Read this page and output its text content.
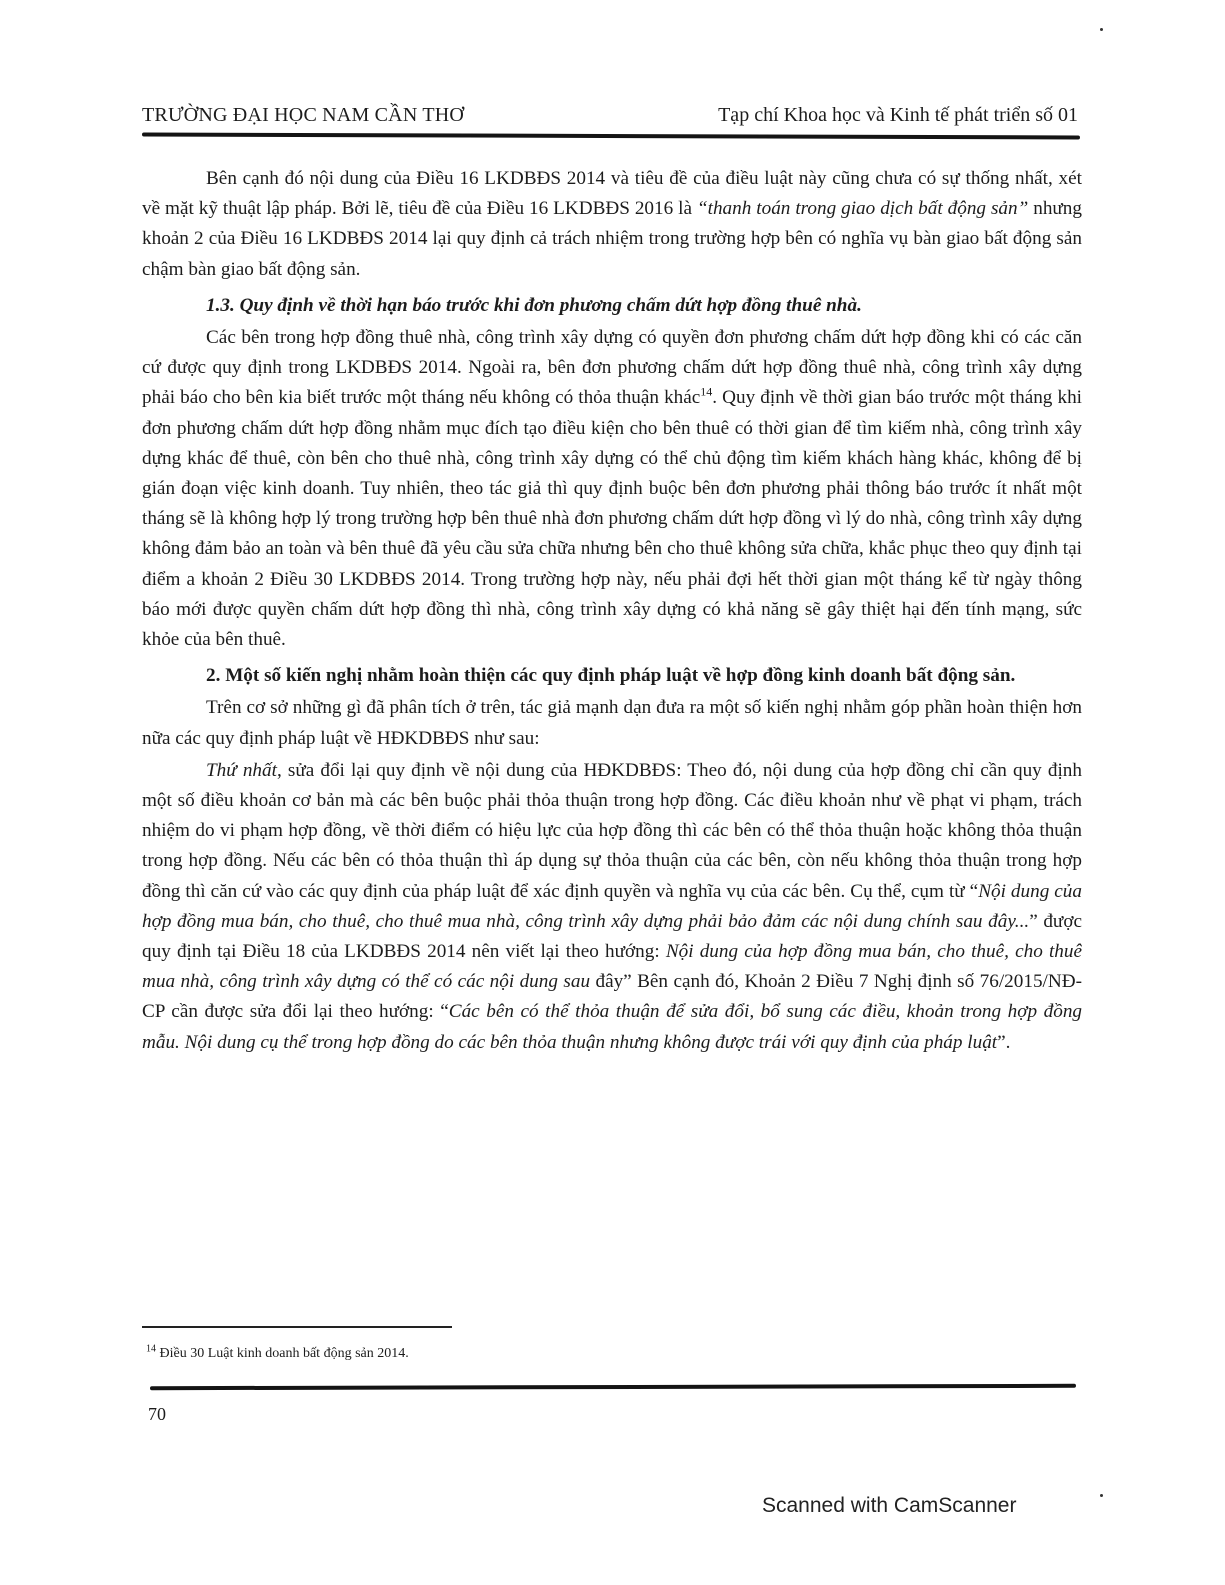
TRƯỜNG ĐẠI HỌC NAM CẦN THƠ	Tạp chí Khoa học và Kinh tế phát triển số 01

Bên cạnh đó nội dung của Điều 16 LKDBĐS 2014 và tiêu đề của điều luật này cũng chưa có sự thống nhất, xét về mặt kỹ thuật lập pháp. Bởi lẽ, tiêu đề của Điều 16 LKDBĐS 2016 là “thanh toán trong giao dịch bất động sản” nhưng khoản 2 của Điều 16 LKDBĐS 2014 lại quy định cả trách nhiệm trong trường hợp bên có nghĩa vụ bàn giao bất động sản chậm bàn giao bất động sản.

1.3. Quy định về thời hạn báo trước khi đơn phương chấm dứt hợp đồng thuê nhà.

Các bên trong hợp đồng thuê nhà, công trình xây dựng có quyền đơn phương chấm dứt hợp đồng khi có các căn cứ được quy định trong LKDBĐS 2014. Ngoài ra, bên đơn phương chấm dứt hợp đồng thuê nhà, công trình xây dựng phải báo cho bên kia biết trước một tháng nếu không có thỏa thuận khác$^{14}$. Quy định về thời gian báo trước một tháng khi đơn phương chấm dứt hợp đồng nhằm mục đích tạo điều kiện cho bên thuê có thời gian để tìm kiếm nhà, công trình xây dựng khác để thuê, còn bên cho thuê nhà, công trình xây dựng có thể chủ động tìm kiếm khách hàng khác, không để bị gián đoạn việc kinh doanh. Tuy nhiên, theo tác giả thì quy định buộc bên đơn phương phải thông báo trước ít nhất một tháng sẽ là không hợp lý trong trường hợp bên thuê nhà đơn phương chấm dứt hợp đồng vì lý do nhà, công trình xây dựng không đảm bảo an toàn và bên thuê đã yêu cầu sửa chữa nhưng bên cho thuê không sửa chữa, khắc phục theo quy định tại điểm a khoản 2 Điều 30 LKDBĐS 2014. Trong trường hợp này, nếu phải đợi hết thời gian một tháng kể từ ngày thông báo mới được quyền chấm dứt hợp đồng thì nhà, công trình xây dựng có khả năng sẽ gây thiệt hại đến tính mạng, sức khỏe của bên thuê.

2. Một số kiến nghị nhằm hoàn thiện các quy định pháp luật về hợp đồng kinh doanh bất động sản.

Trên cơ sở những gì đã phân tích ở trên, tác giả mạnh dạn đưa ra một số kiến nghị nhằm góp phần hoàn thiện hơn nữa các quy định pháp luật về HĐKDBĐS như sau:

Thứ nhất, sửa đổi lại quy định về nội dung của HĐKDBĐS: Theo đó, nội dung của hợp đồng chỉ cần quy định một số điều khoản cơ bản mà các bên buộc phải thỏa thuận trong hợp đồng. Các điều khoản như về phạt vi phạm, trách nhiệm do vi phạm hợp đồng, về thời điểm có hiệu lực của hợp đồng thì các bên có thể thỏa thuận hoặc không thỏa thuận trong hợp đồng. Nếu các bên có thỏa thuận thì áp dụng sự thỏa thuận của các bên, còn nếu không thỏa thuận trong hợp đồng thì căn cứ vào các quy định của pháp luật để xác định quyền và nghĩa vụ của các bên. Cụ thể, cụm từ “Nội dung của hợp đồng mua bán, cho thuê, cho thuê mua nhà, công trình xây dựng phải bảo đảm các nội dung chính sau đây...” được quy định tại Điều 18 của LKDBĐS 2014 nên viết lại theo hướng: Nội dung của hợp đồng mua bán, cho thuê, cho thuê mua nhà, công trình xây dựng có thể có các nội dung sau đây” Bên cạnh đó, Khoản 2 Điều 7 Nghị định số 76/2015/NĐ-CP cần được sửa đổi lại theo hướng: “Các bên có thể thỏa thuận để sửa đổi, bổ sung các điều, khoản trong hợp đồng mẫu. Nội dung cụ thể trong hợp đồng do các bên thỏa thuận nhưng không được trái với quy định của pháp luật”.

$^{14}$ Điều 30 Luật kinh doanh bất động sản 2014.
70
Scanned with CamScanner
